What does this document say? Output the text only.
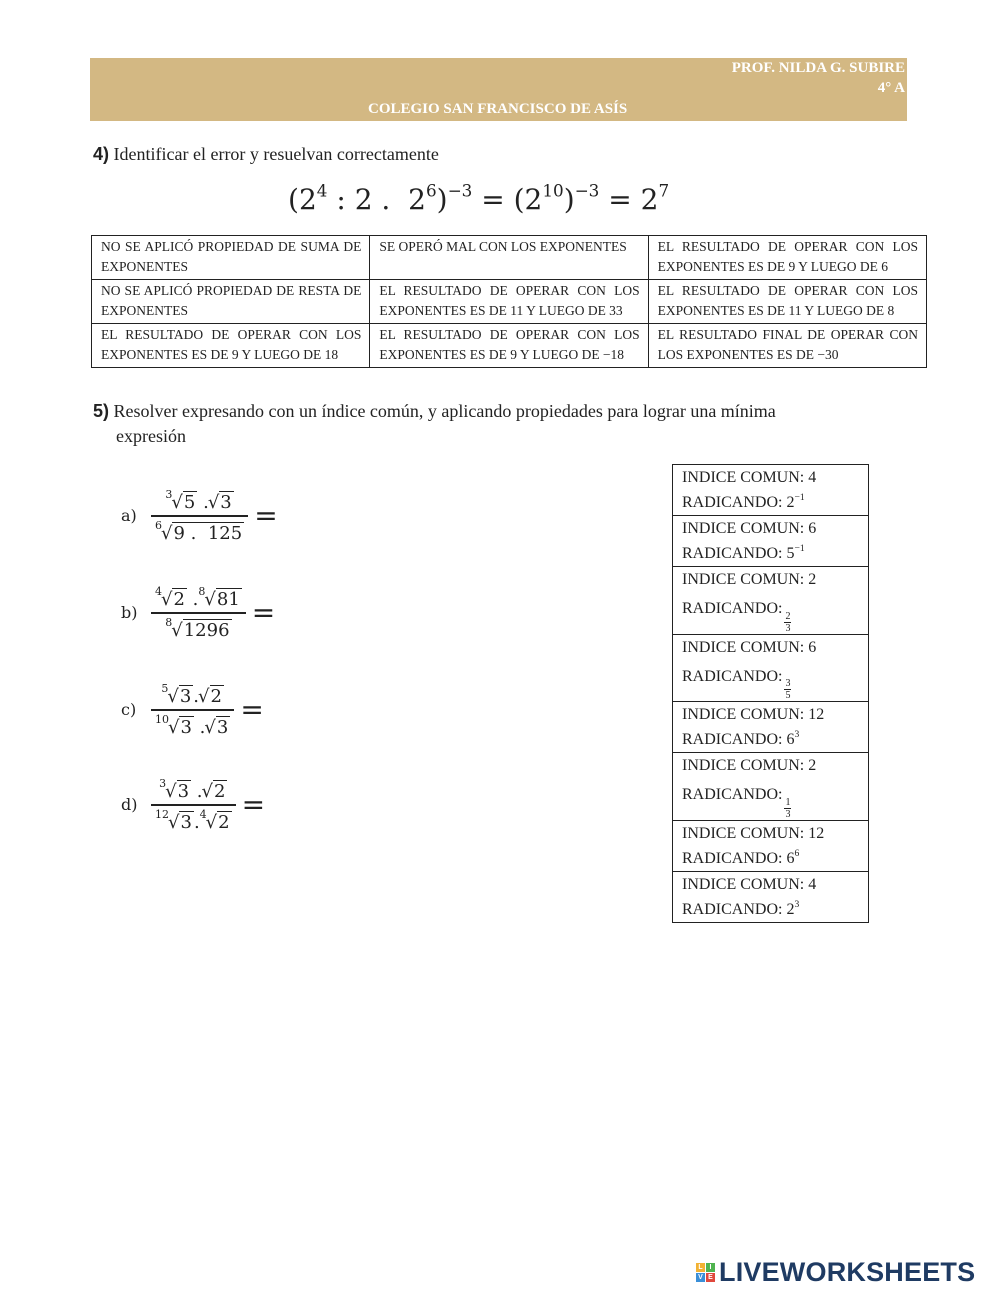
PROF. NILDA G. SUBIRE
4° A
COLEGIO SAN FRANCISCO DE ASÍS
4) Identificar el error y resuelvan correctamente
($2^4$ : 2 .  $2^6)^{-3} = (2^{10})^{-3} = 2^7$
NO SE APLICÓ PROPIEDAD DE SUMA DE EXPONENTES	SE OPERÓ MAL CON LOS EXPONENTES	EL RESULTADO DE OPERAR CON LOS EXPONENTES ES DE 9 Y LUEGO DE 6
NO SE APLICÓ PROPIEDAD DE RESTA DE EXPONENTES	EL RESULTADO DE OPERAR CON LOS EXPONENTES ES DE 11 Y LUEGO DE 33	EL RESULTADO DE OPERAR CON LOS EXPONENTES ES DE 11 Y LUEGO DE 8
EL RESULTADO DE OPERAR CON LOS EXPONENTES ES DE 9 Y LUEGO DE 18	EL RESULTADO DE OPERAR CON LOS EXPONENTES ES DE 9 Y LUEGO DE −18	EL RESULTADO FINAL DE OPERAR CON LOS EXPONENTES ES DE −30
5) Resolver expresando con un índice común, y aplicando propiedades para lograr una mínima
expresión
a)	$\frac{^3√5 .√3}{^6√9 . 125}$ =
b)	$\frac{^4√2 .^8√81}{^8√1296}$ =
c)	$\frac{^5√3 .√2}{^{10}√3 .√3}$ =
d)	$\frac{^3√3 .√2}{^{12}√3 .^4√2}$ =
INDICE COMUN: 4
RADICANDO: $2^{-1}$

INDICE COMUN: 6
RADICANDO: $5^{-1}$

INDICE COMUN: 2
RADICANDO:
$\frac{2}{3}$

INDICE COMUN: 6
RADICANDO:
$\frac{3}{5}$

INDICE COMUN: 12
RADICANDO: $6^3$

INDICE COMUN: 2
RADICANDO:
$\frac{1}{3}$

INDICE COMUN: 12
RADICANDO: $6^6$

INDICE COMUN: 4
RADICANDO: $2^3$
L I
V E LIVEWORKSHEETS
